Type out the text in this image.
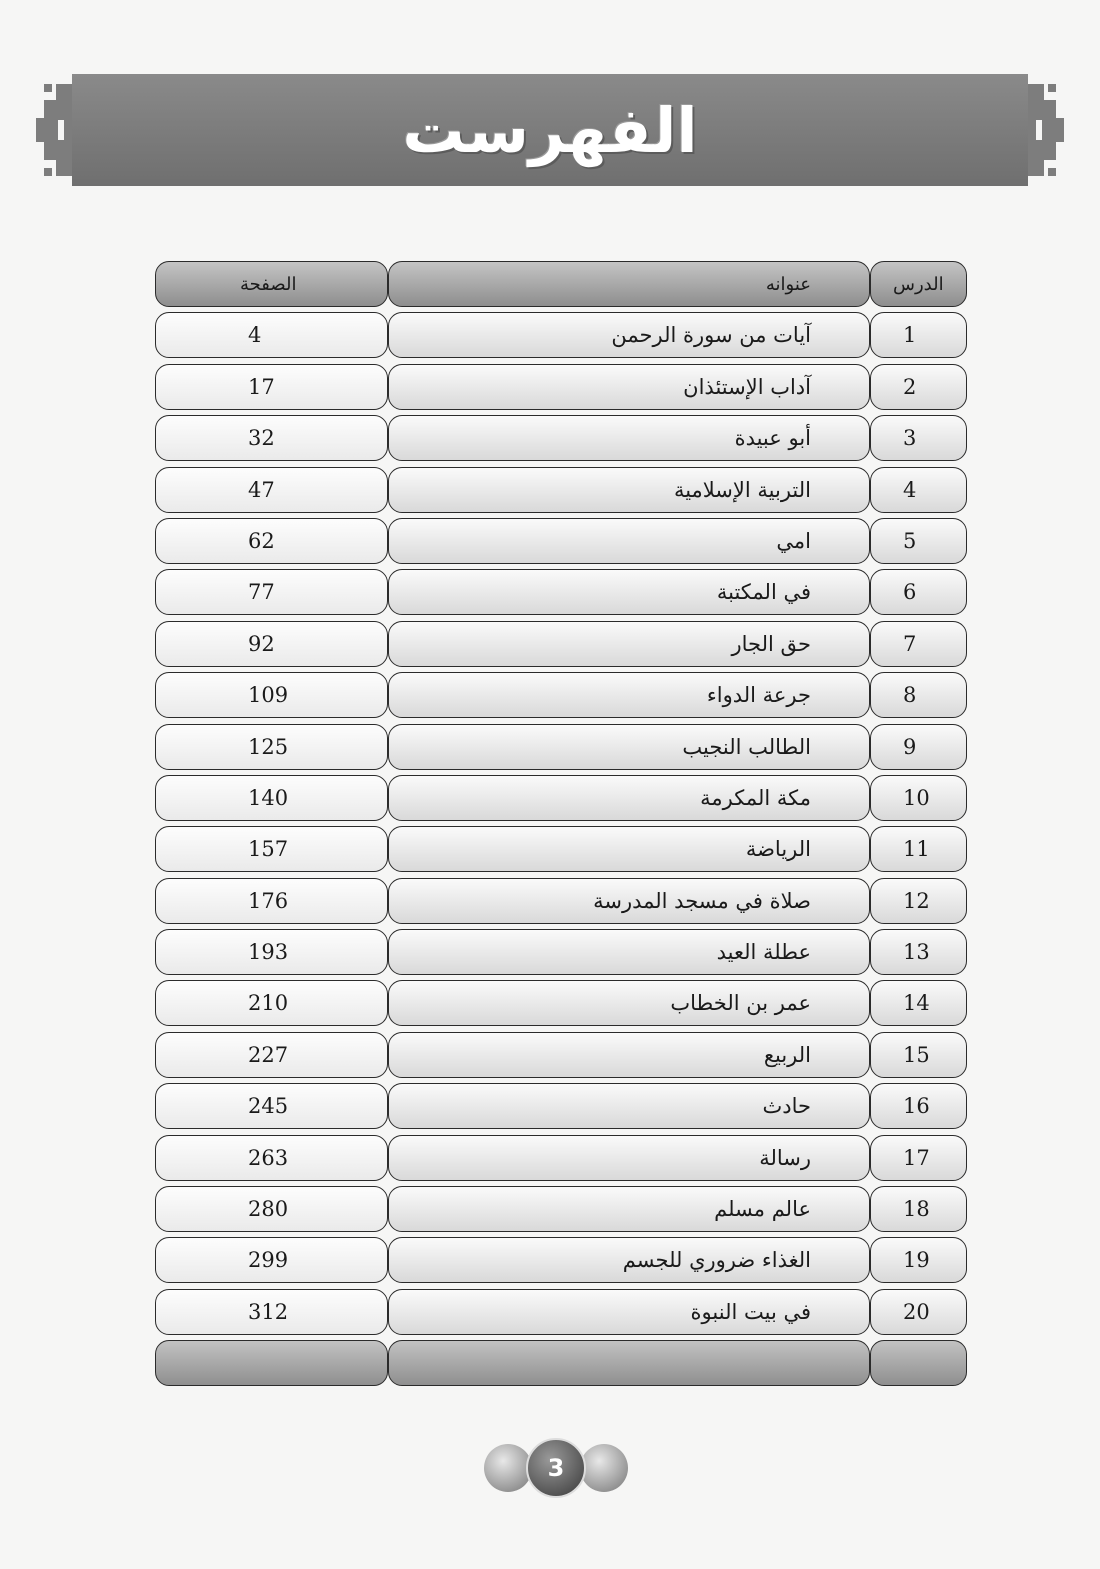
الفهرست
الصفحة	عنوانه	الدرس
4	آيات من سورة الرحمن	1
17	آداب الإستئذان	2
32	أبو عبيدة	3
47	التربية الإسلامية	4
62	امي	5
77	في المكتبة	6
92	حق الجار	7
109	جرعة الدواء	8
125	الطالب النجيب	9
140	مكة المكرمة	10
157	الرياضة	11
176	صلاة في مسجد المدرسة	12
193	عطلة العيد	13
210	عمر بن الخطاب	14
227	الربيع	15
245	حادث	16
263	رسالة	17
280	عالم مسلم	18
299	الغذاء ضروري للجسم	19
312	في بيت النبوة	20
3
